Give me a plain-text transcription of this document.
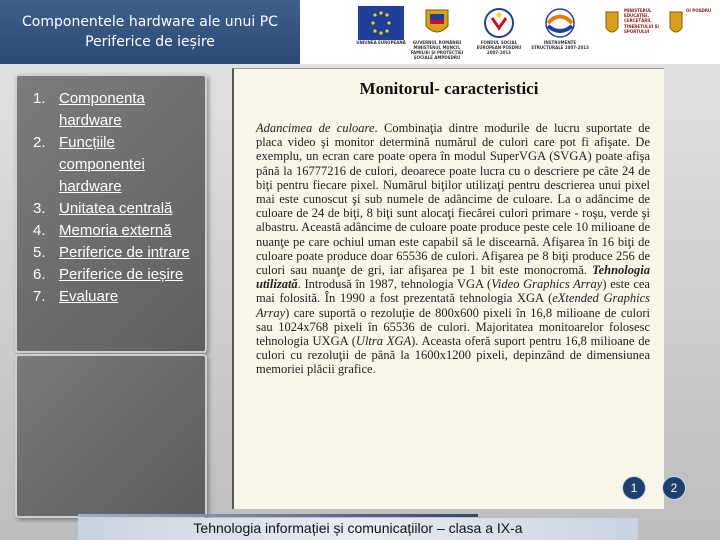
Componentele hardware ale unui PC
Periferice de ieșire	UNIUNEA EUROPEANĂ	GUVERNUL ROMÂNIEI MINISTERUL MUNCII, FAMILIEI ȘI PROTECȚIEI SOCIALE AMPOSDRU
FONDUL SOCIAL EUROPEAN POSDRU 2007-2013
INSTRUMENTE STRUCTURALE 2007-2013
MINISTERUL EDUCAȚIEI, CERCETĂRII, TINERETULUI ȘI SPORTULUI
OI POSDRU
1. Componenta hardware
2. Funcțiile componentei hardware
3. Unitatea centrală
4. Memoria externă
5. Periferice de intrare
6. Periferice de ieșire
7. Evaluare
Monitorul- caracteristici
Adancimea de culoare. Combinaţia dintre modurile de lucru suportate de placa video şi monitor determină numărul de culori care pot fi afişate. De exemplu, un ecran care poate opera în modul SuperVGA (SVGA) poate afişa până la 16777216 de culori, deoarece poate lucra cu o descriere pe câte 24 de biţi pentru fiecare pixel. Numărul biţilor utilizaţi pentru descrierea unui pixel mai este cunoscut şi sub numele de adâncime de culoare. La o adâncime de culoare de 24 de biţi, 8 biţi sunt alocaţi fiecărei culori primare - roşu, verde şi albastru. Această adâncime de culoare poate produce peste cele 10 milioane de nuanţe pe care ochiul uman este capabil să le discearnă. Afişarea în 16 biţi de culoare poate produce doar 65536 de culori. Afişarea pe 8 biţi produce 256 de culori sau nuanţe de gri, iar afişarea pe 1 bit este monocromă. Tehnologia utilizată. Introdusă în 1987, tehnologia VGA (Video Graphics Array) este cea mai folosită. În 1990 a fost prezentată tehnologia XGA (eXtended Graphics Array) care suportă o rezoluţie de 800x600 pixeli în 16,8 milioane de culori sau 1024x768 pixeli în 65536 de culori. Majoritatea monitoarelor folosesc tehnologia UXGA (Ultra XGA). Aceasta oferă suport pentru 16,8 milioane de culori cu rezoluţii de până la 1600x1200 pixeli, depinzând de dimensiunea memoriei plăcii grafice.
1	2
Tehnologia informației și comunicațiilor – clasa a IX-a
